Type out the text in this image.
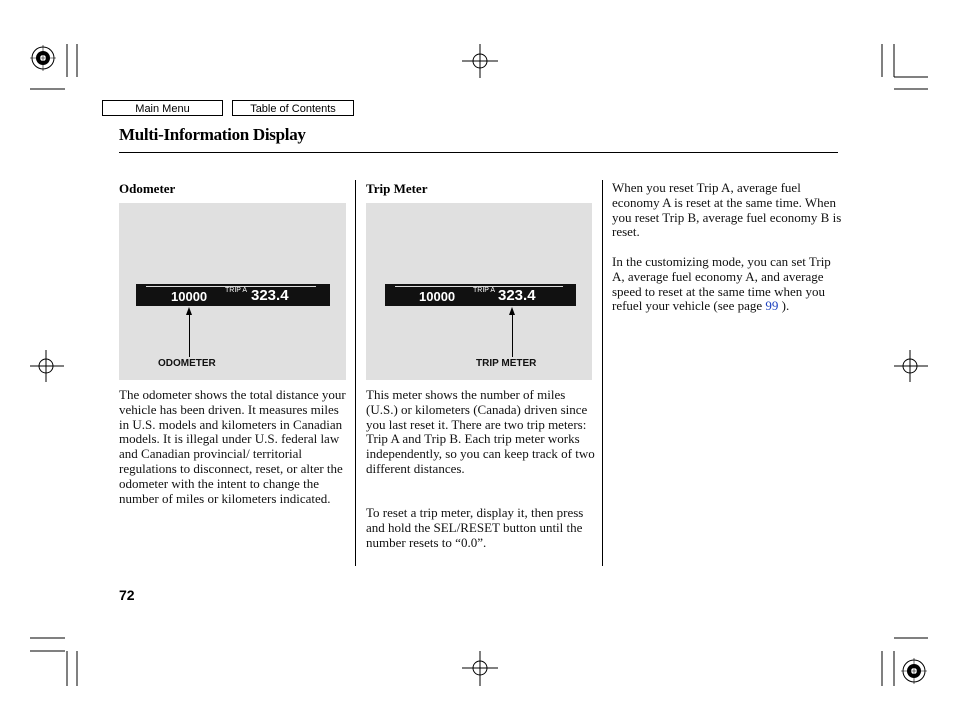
Main Menu	Table of Contents
Multi-Information Display
Odometer
10000	TRIP A 323.4
ODOMETER
The odometer shows the total distance your vehicle has been driven. It measures miles in U.S. models and kilometers in Canadian models. It is illegal under U.S. federal law and Canadian provincial/ territorial regulations to disconnect, reset, or alter the odometer with the intent to change the number of miles or kilometers indicated.
Trip Meter
10000	TRIP A 323.4
TRIP METER
This meter shows the number of miles (U.S.) or kilometers (Canada) driven since you last reset it. There are two trip meters: Trip A and Trip B. Each trip meter works independently, so you can keep track of two different distances.
To reset a trip meter, display it, then press and hold the SEL/RESET button until the number resets to “0.0”.
When you reset Trip A, average fuel economy A is reset at the same time. When you reset Trip B, average fuel economy B is reset.
In the customizing mode, you can set Trip A, average fuel economy A, and average speed to reset at the same time when you refuel your vehicle (see page 99 ).
72
